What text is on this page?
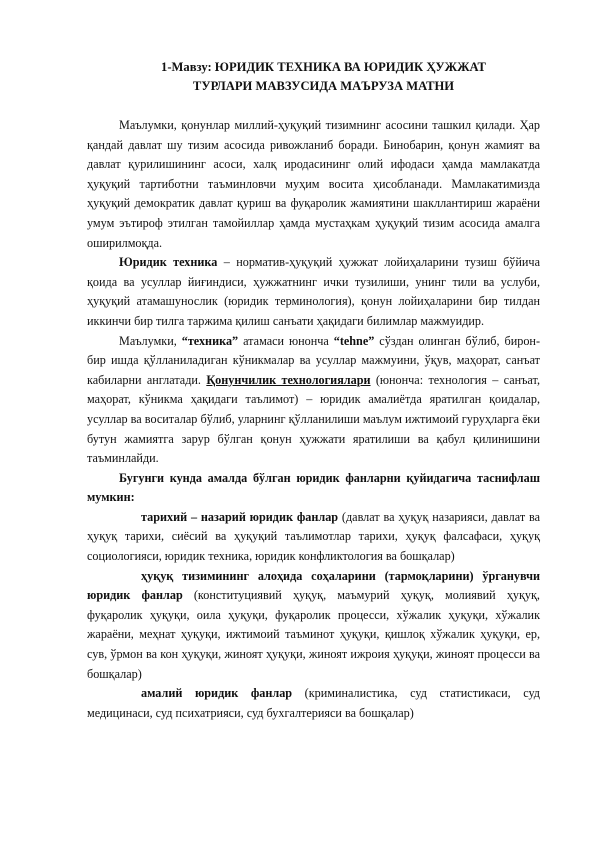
1-Мавзу: ЮРИДИК ТЕХНИКА ВА ЮРИДИК ҲУЖЖАТ
ТУРЛАРИ МАВЗУСИДА МАЪРУЗА МАТНИ

Маълумки, қонунлар миллий-ҳуқуқий тизимнинг асосини ташкил қилади. Ҳар қандай давлат шу тизим асосида ривожланиб боради. Бинобарин, қонун жамият ва давлат қурилишининг асоси, халқ иродасининг олий ифодаси ҳамда мамлакатда ҳуқуқий тартиботни таъминловчи муҳим восита ҳисобланади. Мамлакатимизда ҳуқуқий демократик давлат қуриш ва фуқаролик жамиятини шакллантириш жараёни умум эътироф этилган тамойиллар ҳамда мустаҳкам ҳуқуқий тизим асосида амалга оширилмоқда.

Юридик техника – норматив-ҳуқуқий ҳужжат лойиҳаларини тузиш бўйича қоида ва усуллар йиғиндиси, ҳужжатнинг ички тузилиши, унинг тили ва услуби, ҳуқуқий атамашунослик (юридик терминология), қонун лойиҳаларини бир тилдан иккинчи бир тилга таржима қилиш санъати ҳақидаги билимлар мажмуидир.

Маълумки, “техника” атамаси юнонча “tehne” сўздан олинган бўлиб, бирон-бир ишда қўлланиладиган кўникмалар ва усуллар мажмуини, ўқув, маҳорат, санъат кабиларни англатади. Қонунчилик технологиялари (юнонча: технология – санъат, маҳорат, кўникма ҳақидаги таълимот) – юридик амалиётда яратилган қоидалар, усуллар ва воситалар бўлиб, уларнинг қўлланилиши маълум ижтимоий гуруҳларга ёки бутун жамиятга зарур бўлган қонун ҳужжати яратилиши ва қабул қилинишини таъминлайди.

Бугунги кунда амалда бўлган юридик фанларни қуйидагича таснифлаш мумкин:

тарихий – назарий юридик фанлар (давлат ва ҳуқуқ назарияси, давлат ва ҳуқуқ тарихи, сиёсий ва ҳуқуқий таълимотлар тарихи, ҳуқуқ фалсафаси, ҳуқуқ социологияси, юридик техника, юридик конфликтология ва бошқалар)

ҳуқуқ тизимининг алоҳида соҳаларини (тармоқларини) ўрганувчи юридик фанлар (конституциявий ҳуқуқ, маъмурий ҳуқуқ, молиявий ҳуқуқ, фуқаролик ҳуқуқи, оила ҳуқуқи, фуқаролик процесси, хўжалик ҳуқуқи, хўжалик жараёни, меҳнат ҳуқуқи, ижтимоий таъминот ҳуқуқи, қишлоқ хўжалик ҳуқуқи, ер, сув, ўрмон ва кон ҳуқуқи, жиноят ҳуқуқи, жиноят ижроия ҳуқуқи, жиноят процесси ва бошқалар)

амалий юридик фанлар (криминалистика, суд статистикаси, суд медицинаси, суд психатрияси, суд бухгалтерияси ва бошқалар)
